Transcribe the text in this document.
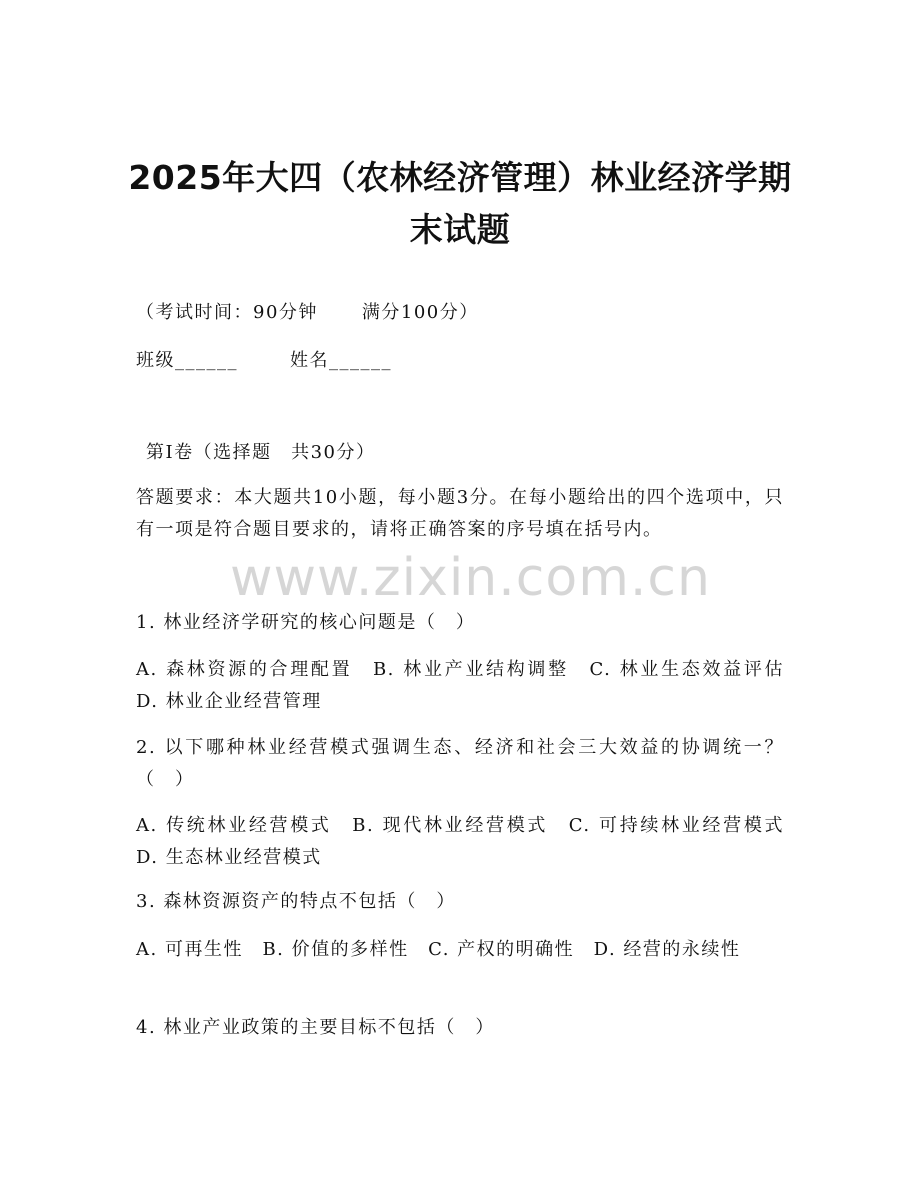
2025年大四（农林经济管理）林业经济学期
末试题
（考试时间：90分钟 满分100分）
班级______	姓名______
第Ⅰ卷（选择题　共30分）
答题要求：本大题共10小题，每小题3分。在每小题给出的四个选项中，只有一项是符合题目要求的，请将正确答案的序号填在括号内。
www.zixin.com.cn
1. 林业经济学研究的核心问题是（　）
A. 森林资源的合理配置　B. 林业产业结构调整　C. 林业生态效益评估　D. 林业企业经营管理
2. 以下哪种林业经营模式强调生态、经济和社会三大效益的协调统一？（　）
A. 传统林业经营模式　B. 现代林业经营模式　C. 可持续林业经营模式　D. 生态林业经营模式
3. 森林资源资产的特点不包括（　）
A. 可再生性　B. 价值的多样性　C. 产权的明确性　D. 经营的永续性
4. 林业产业政策的主要目标不包括（　）
